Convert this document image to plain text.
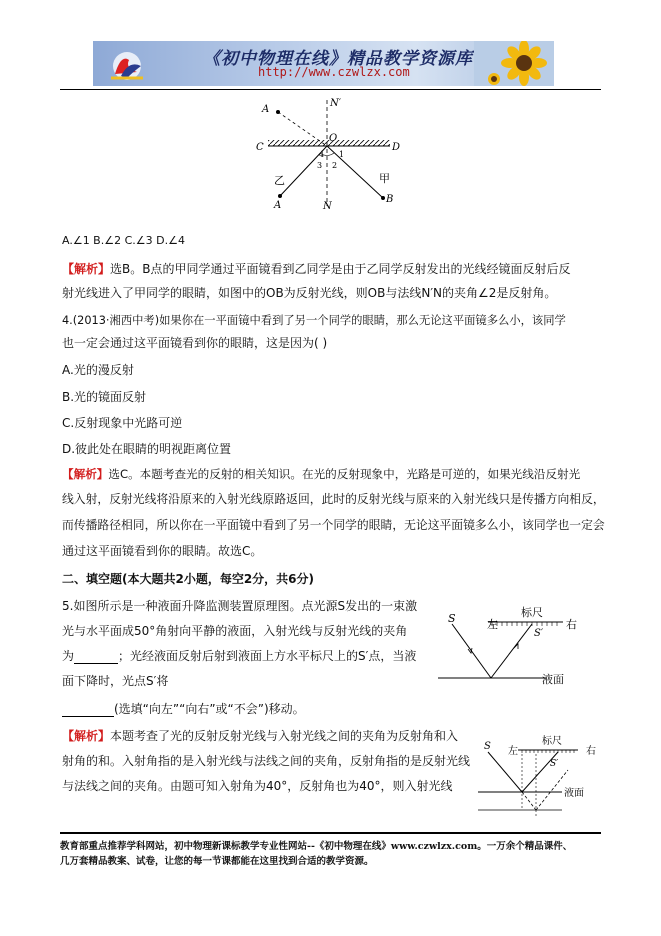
《初中物理在线》精品教学资源库
http://www.czwlzx.com
A
N′
O
C	D
4 1
3 2
乙	甲
A	N
B
A.∠1 B.∠2 C.∠3 D.∠4
【解析】选B。B点的甲同学通过平面镜看到乙同学是由于乙同学反射发出的光线经镜面反射后反
射光线进入了甲同学的眼睛，如图中的OB为反射光线，则OB与法线N′N的夹角∠2是反射角。
4.(2013·湘西中考)如果你在一平面镜中看到了另一个同学的眼睛，那么无论这平面镜多么小，该同学
也一定会通过这平面镜看到你的眼睛，这是因为( )
A.光的漫反射
B.光的镜面反射
C.反射现象中光路可逆
D.彼此处在眼睛的明视距离位置
【解析】选C。本题考查光的反射的相关知识。在光的反射现象中，光路是可逆的，如果光线沿反射光
线入射，反射光线将沿原来的入射光线原路返回，此时的反射光线与原来的入射光线只是传播方向相反，
而传播路径相同，所以你在一平面镜中看到了另一个同学的眼睛，无论这平面镜多么小，该同学也一定会
通过这平面镜看到你的眼睛。故选C。
二、填空题(本大题共2小题，每空2分，共6分)
5.如图所示是一种液面升降监测装置原理图。点光源S发出的一束激
光与水平面成50°角射向平静的液面，入射光线与反射光线的夹角
为	；光经液面反射后射到液面上方水平标尺上的S′点，当液
面下降时，光点S′将
(选填“向左”“向右”或“不会”)移动。
S	标尺
左	右
S′
液面
【解析】本题考查了光的反射反射光线与入射光线之间的夹角为反射角和入
射角的和。入射角指的是入射光线与法线之间的夹角，反射角指的是反射光线
与法线之间的夹角。由题可知入射角为40°，反射角也为40°，则入射光线
S	标尺
左	右
S′
液面
教育部重点推荐学科网站，初中物理新课标教学专业性网站--《初中物理在线》www.czwlzx.com。一万余个精品课件、
几万套精品教案、试卷，让您的每一节课都能在这里找到合适的教学资源。
